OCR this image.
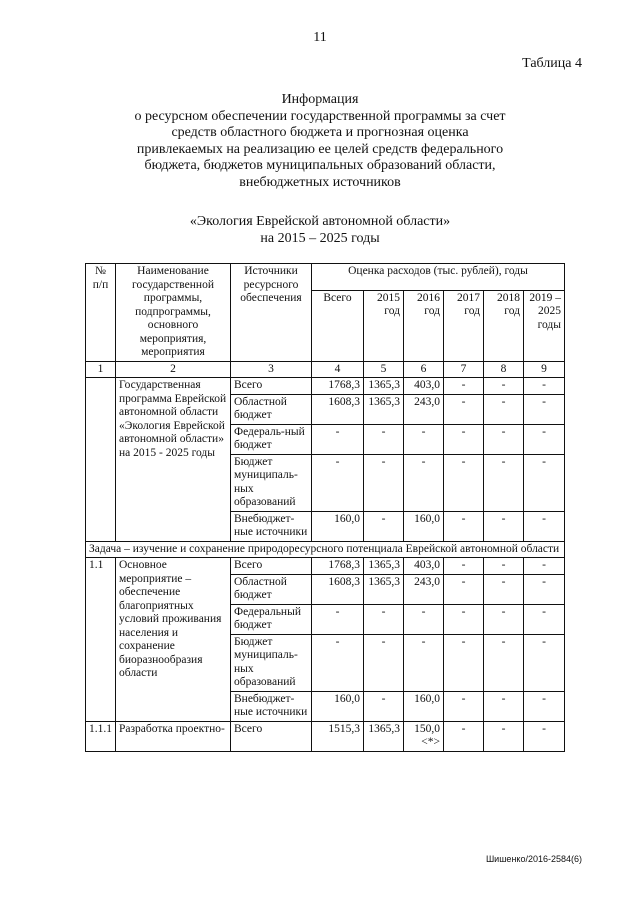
11
Таблица 4
Информация
о ресурсном обеспечении государственной программы за счет
средств областного бюджета и прогнозная оценка
привлекаемых на реализацию ее целей средств федерального
бюджета, бюджетов муниципальных образований области,
внебюджетных источников
«Экология Еврейской автономной области»
на 2015 – 2025 годы
№ п/п	Наименование государственной программы, подпрограммы, основного мероприятия, мероприятия	Источники ресурсного обеспечения	Оценка расходов (тыс. рублей), годы					
			Всего	2015 год	2016 год	2017 год	2018 год	2019 – 2025 годы
1	2	3	4	5	6	7	8	9
	Государственная программа Еврейской автономной области «Экология Еврейской автономной области» на 2015 - 2025 годы	Всего	1768,3	1365,3	403,0	-	-	-
		Областной бюджет	1608,3	1365,3	243,0	-	-	-
		Федераль-ный бюджет	-	-	-	-	-	-
		Бюджет муниципаль-ных образований	-	-	-	-	-	-
		Внебюджет-ные источники	160,0	-	160,0	-	-	-
Задача – изучение и сохранение природоресурсного потенциала Еврейской автономной области								
1.1	Основное мероприятие – обеспечение благоприятных условий проживания населения и сохранение биоразнообразия области	Всего	1768,3	1365,3	403,0	-	-	-
		Областной бюджет	1608,3	1365,3	243,0	-	-	-
		Федеральный бюджет	-	-	-	-	-	-
		Бюджет муниципаль-ных образований	-	-	-	-	-	-
		Внебюджет-ные источники	160,0	-	160,0	-	-	-
1.1.1	Разработка проектно-	Всего	1515,3	1365,3	150,0 <*>	-	-	-
Шишенко/2016-2584(6)
